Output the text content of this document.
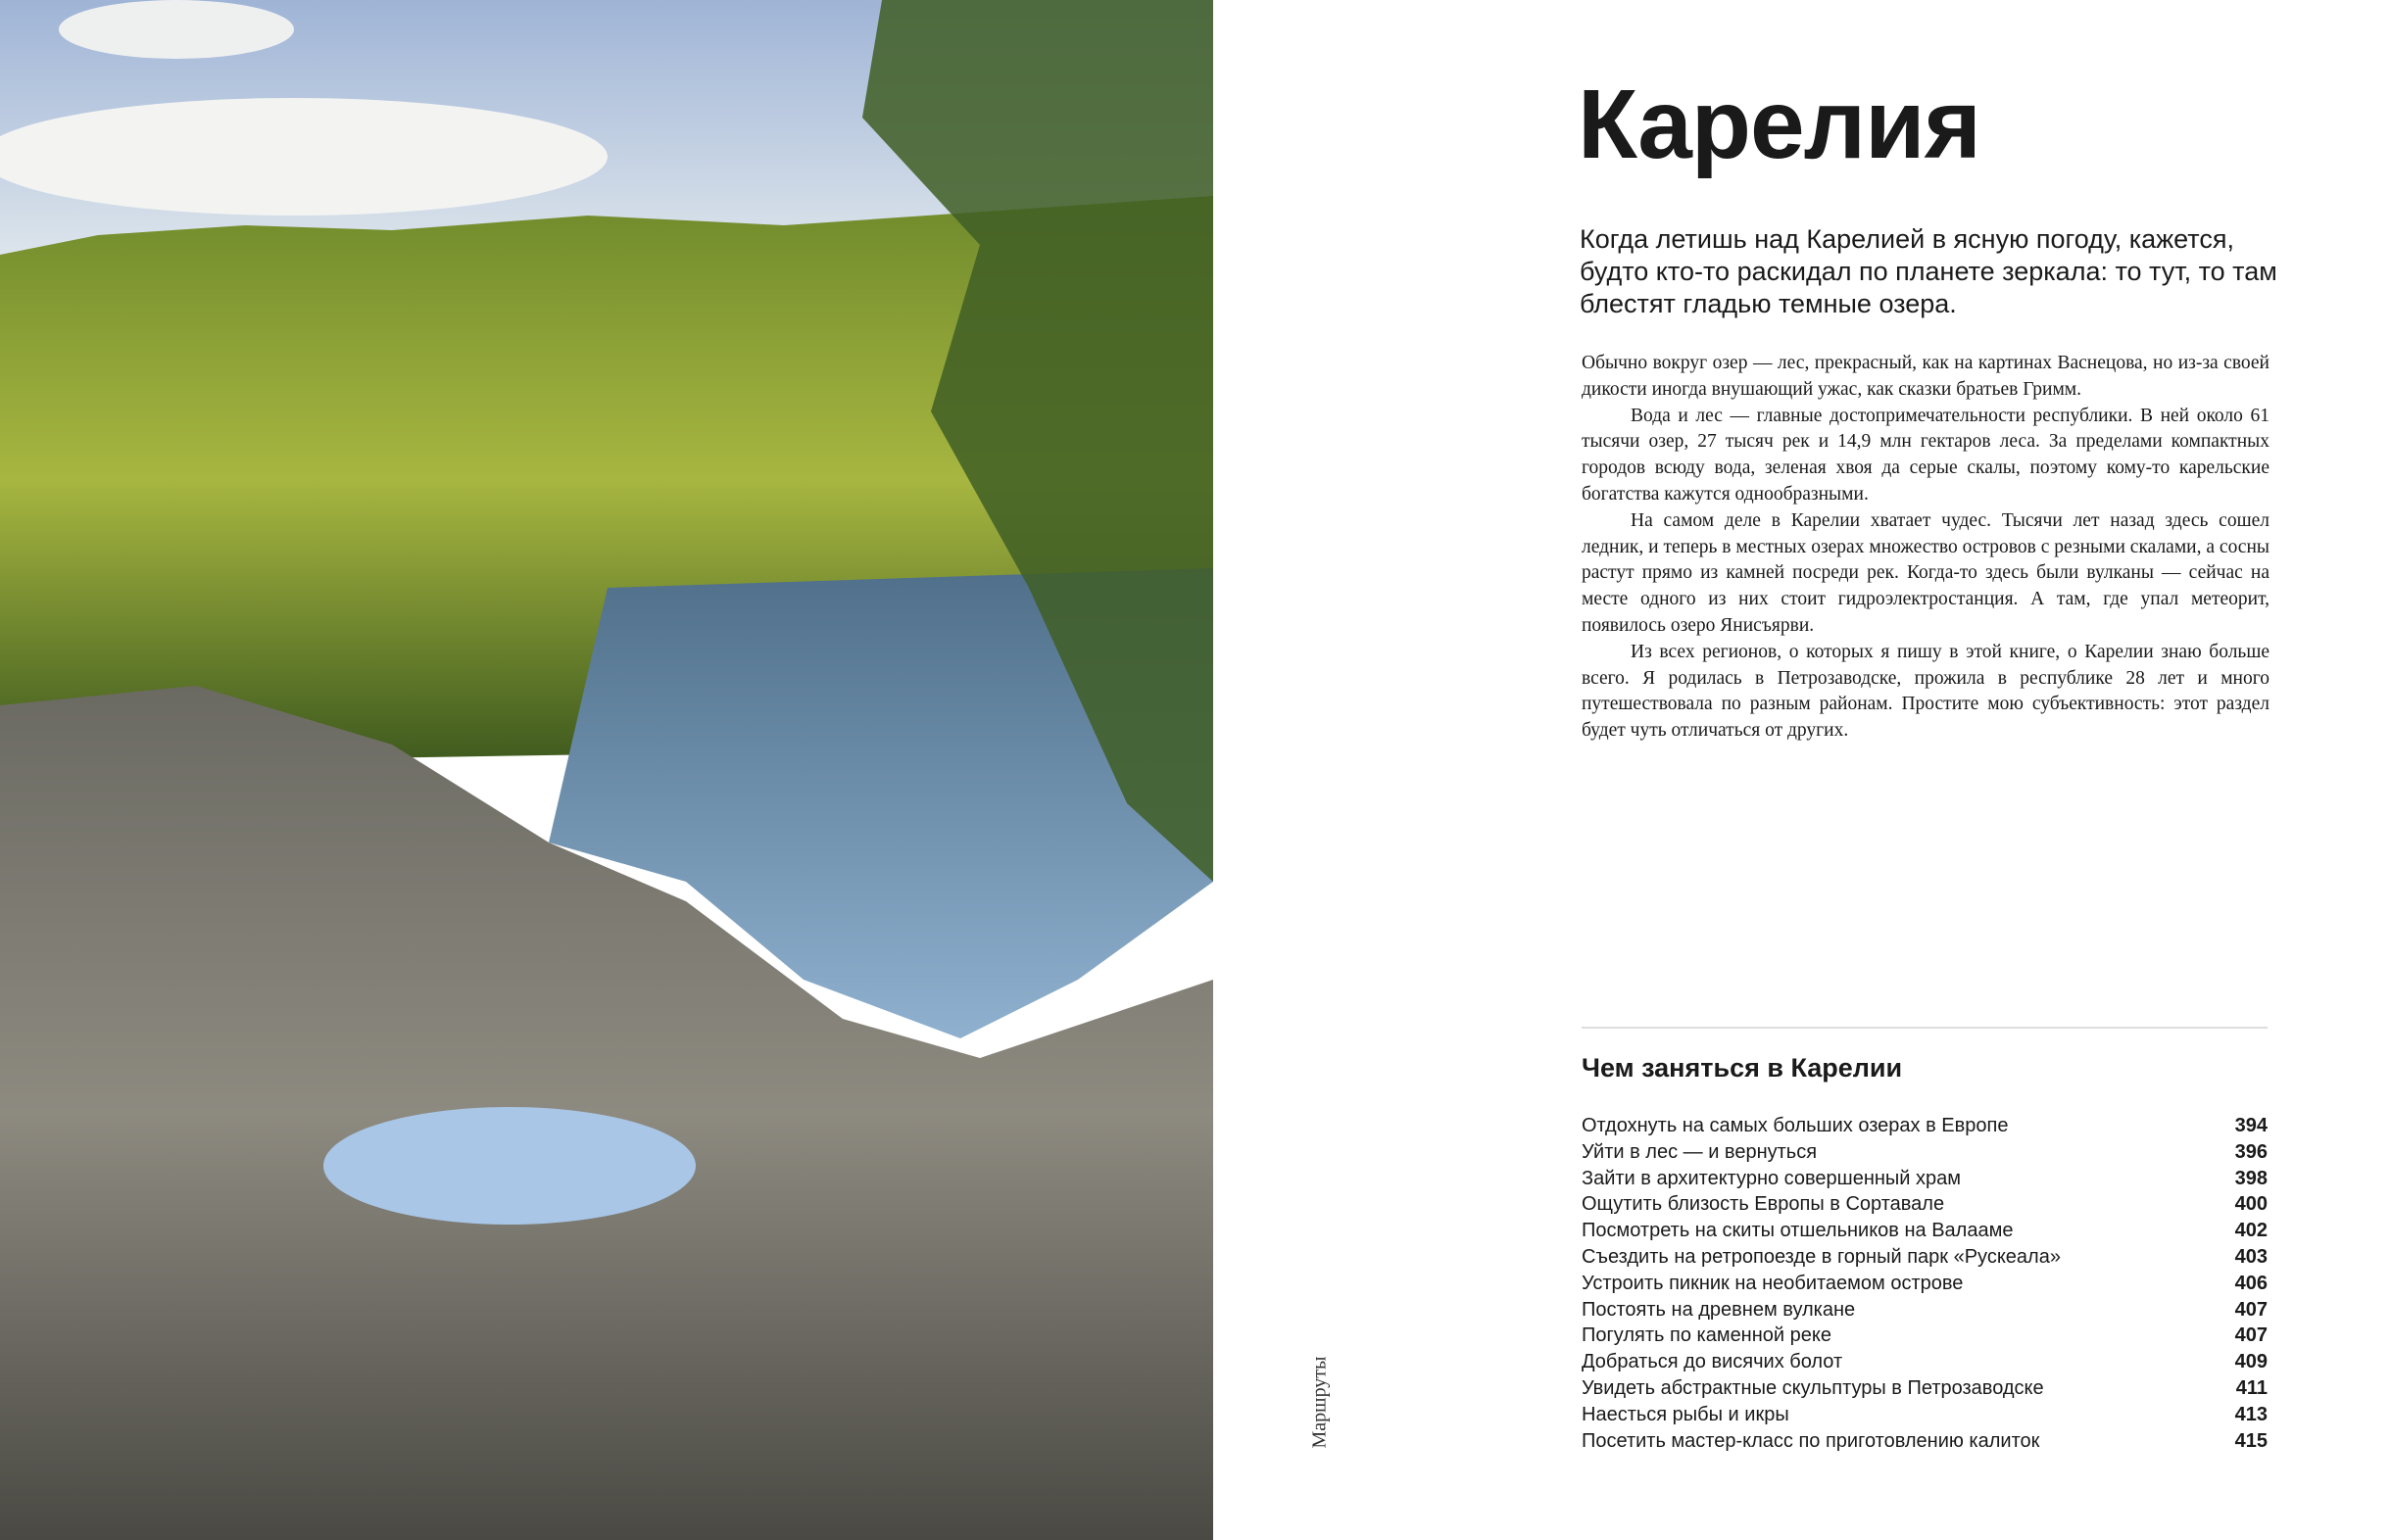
Карелия

Когда летишь над Карелией в ясную погоду, кажется, будто кто-то раскидал по планете зеркала: то тут, то там блестят гладью темные озера.

Обычно вокруг озер — лес, прекрасный, как на картинах Васнецова, но из-за своей дикости иногда внушающий ужас, как сказки братьев Гримм.

Вода и лес — главные достопримечательности республики. В ней около 61 тысячи озер, 27 тысяч рек и 14,9 млн гектаров леса. За пределами компактных городов всюду вода, зеленая хвоя да серые скалы, поэтому кому-то карельские богатства кажутся однообразными.

На самом деле в Карелии хватает чудес. Тысячи лет назад здесь сошел ледник, и теперь в местных озерах множество островов с резными скалами, а сосны растут прямо из камней посреди рек. Когда-то здесь были вулканы — сейчас на месте одного из них стоит гидроэлектростанция. А там, где упал метеорит, появилось озеро Янисъярви.

Из всех регионов, о которых я пишу в этой книге, о Карелии знаю больше всего. Я родилась в Петрозаводске, прожила в республике 28 лет и много путешествовала по разным районам. Простите мою субъективность: этот раздел будет чуть отличаться от других.

Чем заняться в Карелии
Отдохнуть на самых больших озерах в Европе	394
Уйти в лес — и вернуться	396
Зайти в архитектурно совершенный храм	398
Ощутить близость Европы в Сортавале	400
Посмотреть на скиты отшельников на Валааме	402
Съездить на ретропоезде в горный парк «Рускеала»	403
Устроить пикник на необитаемом острове	406
Постоять на древнем вулкане	407
Погулять по каменной реке	407
Добраться до висячих болот	409
Увидеть абстрактные скульптуры в Петрозаводске	411
Наесться рыбы и икры	413
Посетить мастер-класс по приготовлению калиток	415
Маршруты
